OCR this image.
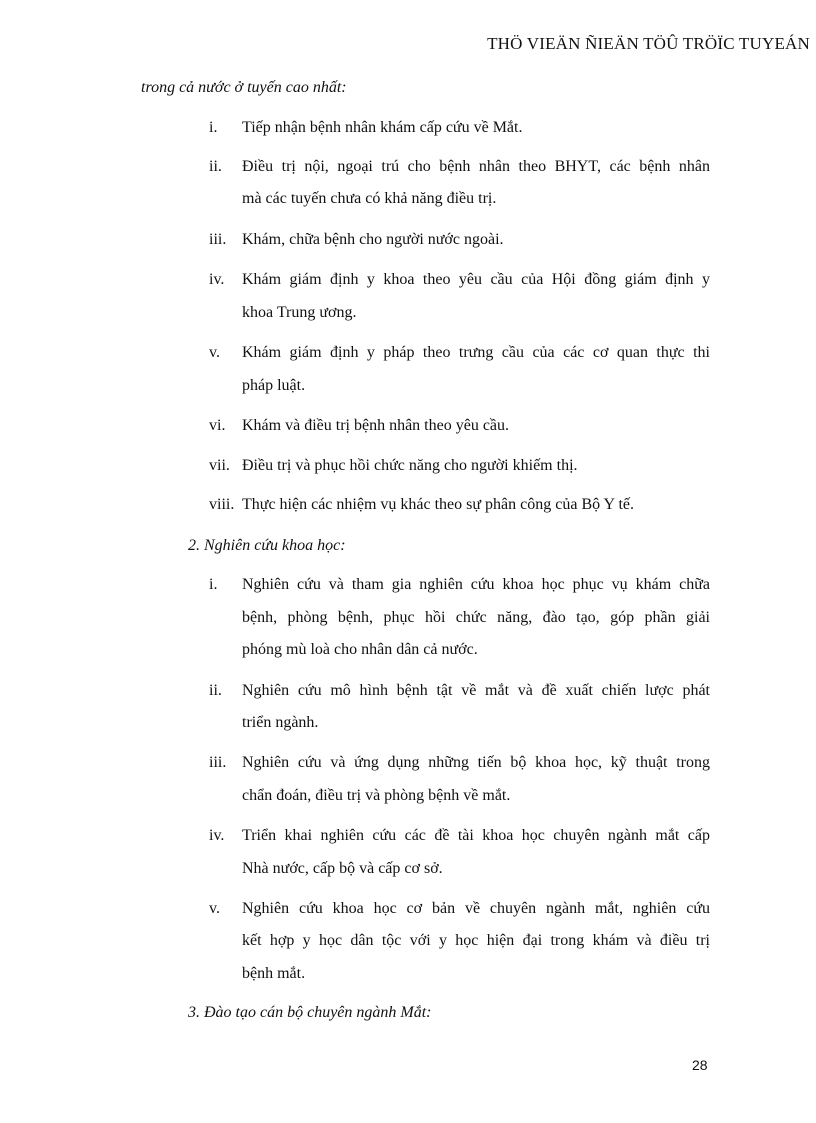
THÖ VIEÄN ÑIEÄN TÖÛ TRÖÏC TUYEÁN
trong cả nước ở tuyến cao nhất:
i. Tiếp nhận bệnh nhân khám cấp cứu về Mắt.
ii. Điều trị nội, ngoại trú cho bệnh nhân theo BHYT, các bệnh nhân
mà các tuyến chưa có khả năng điều trị.
iii. Khám, chữa bệnh cho người nước ngoài.
iv. Khám giám định y khoa theo yêu cầu của Hội đồng giám định y
khoa Trung ương.
v. Khám giám định y pháp theo trưng cầu của các cơ quan thực thi
pháp luật.
vi. Khám và điều trị bệnh nhân theo yêu cầu.
vii. Điều trị và phục hồi chức năng cho người khiếm thị.
viii. Thực hiện các nhiệm vụ khác theo sự phân công của Bộ Y tế.
2. Nghiên cứu khoa học:
i. Nghiên cứu và tham gia nghiên cứu khoa học phục vụ khám chữa
bệnh, phòng bệnh, phục hồi chức năng, đào tạo, góp phần giải
phóng mù loà cho nhân dân cả nước.
ii. Nghiên cứu mô hình bệnh tật về mắt và đề xuất chiến lược phát
triển ngành.
iii. Nghiên cứu và ứng dụng những tiến bộ khoa học, kỹ thuật trong
chẩn đoán, điều trị và phòng bệnh về mắt.
iv. Triển khai nghiên cứu các đề tài khoa học chuyên ngành mắt cấp
Nhà nước, cấp bộ và cấp cơ sở.
v. Nghiên cứu khoa học cơ bản về chuyên ngành mắt, nghiên cứu
kết hợp y học dân tộc với y học hiện đại trong khám và điều trị
bệnh mắt.
3. Đào tạo cán bộ chuyên ngành Mắt:
28
